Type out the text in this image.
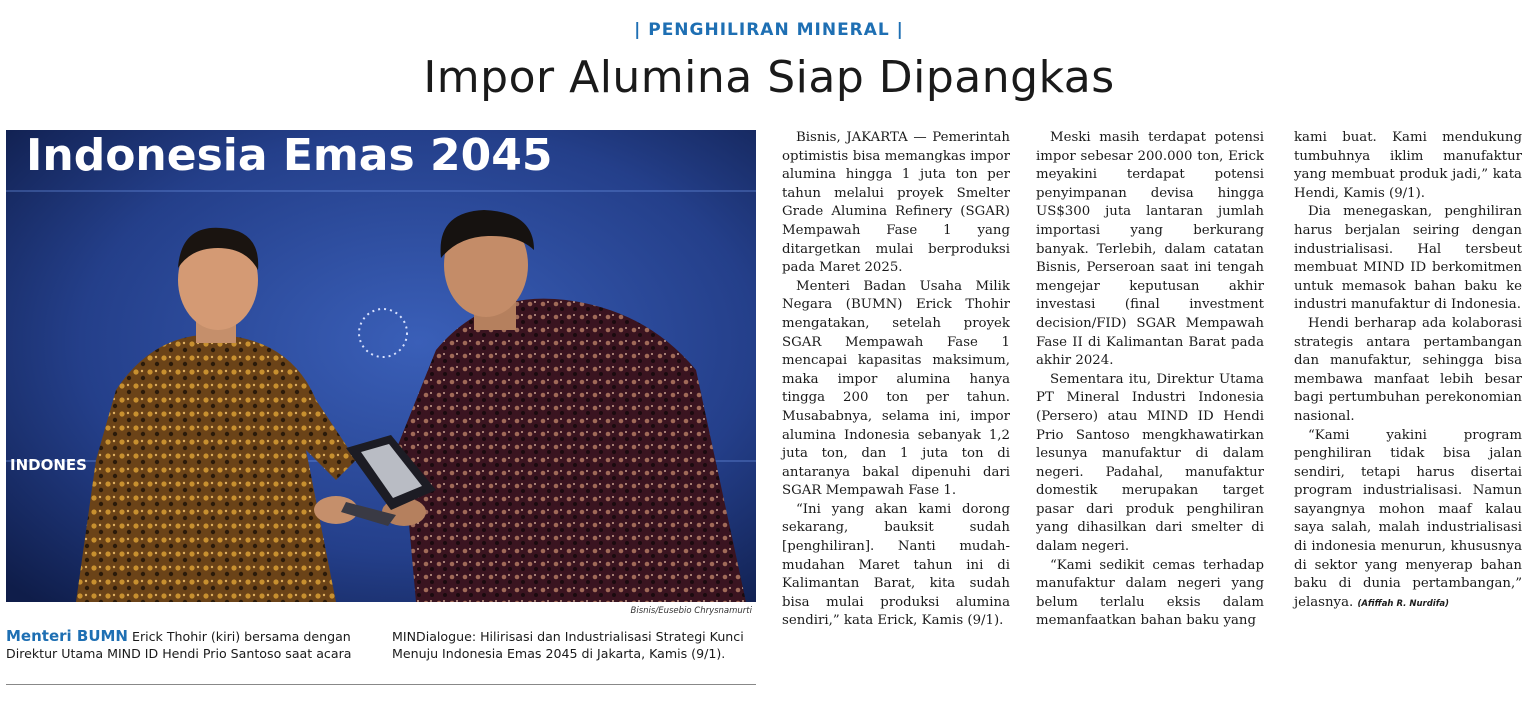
| PENGHILIRAN MINERAL |
Impor Alumina Siap Dipangkas
Indonesia Emas 2045
INDONES
Bisnis/Eusebio Chrysnamurti
Menteri BUMN Erick Thohir (kiri) bersama dengan Direktur Utama MIND ID Hendi Prio Santoso saat acara
MINDialogue: Hilirisasi dan Industrialisasi Strategi Kunci Menuju Indonesia Emas 2045 di Jakarta, Kamis (9/1).

Bisnis, JAKARTA — Pemerintah optimistis bisa memangkas impor alumina hingga 1 juta ton per tahun melalui proyek Smelter Grade Alumina Refinery (SGAR) Mempawah Fase 1 yang ditargetkan mulai berproduksi pada Maret 2025.

Menteri Badan Usaha Milik Negara (BUMN) Erick Thohir mengatakan, setelah proyek SGAR Mempawah Fase 1 mencapai kapasitas maksimum, maka impor alumina hanya tingga 200 ton per tahun. Musababnya, selama ini, impor alumina Indonesia sebanyak 1,2 juta ton, dan 1 juta ton di antaranya bakal dipenuhi dari SGAR Mempawah Fase 1.

“Ini yang akan kami dorong sekarang, bauksit sudah [penghiliran]. Nanti mudah-mudahan Maret tahun ini di Kalimantan Barat, kita sudah bisa mulai produksi alumina sendiri,” kata Erick, Kamis (9/1).

Meski masih terdapat potensi impor sebesar 200.000 ton, Erick meyakini terdapat potensi penyimpanan devisa hingga US$300 juta lantaran jumlah importasi yang berkurang banyak. Terlebih, dalam catatan Bisnis, Perseroan saat ini tengah mengejar keputusan akhir investasi (final investment decision/FID) SGAR Mempawah Fase II di Kalimantan Barat pada akhir 2024.

Sementara itu, Direktur Utama PT Mineral Industri Indonesia (Persero) atau MIND ID Hendi Prio Santoso mengkhawatirkan lesunya manufaktur di dalam negeri. Padahal, manufaktur domestik merupakan target pasar dari produk penghiliran yang dihasilkan dari smelter di dalam negeri.

“Kami sedikit cemas terhadap manufaktur dalam negeri yang belum terlalu eksis dalam memanfaatkan bahan baku yang

kami buat. Kami mendukung tumbuhnya iklim manufaktur yang membuat produk jadi,” kata Hendi, Kamis (9/1).

Dia menegaskan, penghiliran harus berjalan seiring dengan industrialisasi. Hal tersbeut membuat MIND ID berkomitmen untuk memasok bahan baku ke industri manufaktur di Indonesia.

Hendi berharap ada kolaborasi strategis antara pertambangan dan manufaktur, sehingga bisa membawa manfaat lebih besar bagi pertumbuhan perekonomian nasional.

“Kami yakini program penghiliran tidak bisa jalan sendiri, tetapi harus disertai program industrialisasi. Namun sayangnya mohon maaf kalau saya salah, malah industrialisasi di indonesia menurun, khususnya di sektor yang menyerap bahan baku di dunia pertambangan,” jelasnya. (Afiffah R. Nurdifa)
